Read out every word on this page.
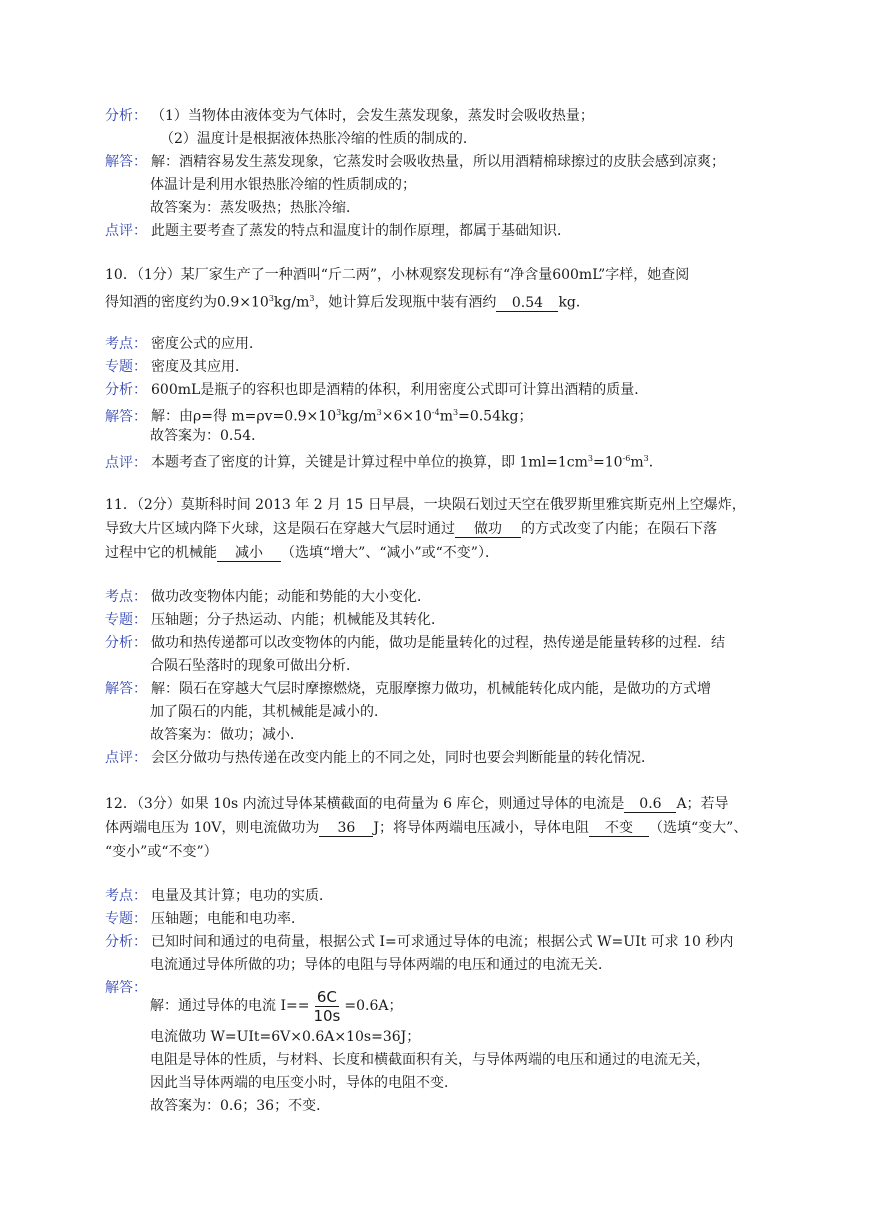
分析： （1）当物体由液体变为气体时，会发生蒸发现象，蒸发时会吸收热量；
（2）温度计是根据液体热胀冷缩的性质的制成的．
解答： 解：酒精容易发生蒸发现象，它蒸发时会吸收热量，所以用酒精棉球擦过的皮肤会感到凉爽；
体温计是利用水银热胀冷缩的性质制成的；
故答案为：蒸发吸热；热胀冷缩．
点评： 此题主要考查了蒸发的特点和温度计的制作原理，都属于基础知识．
10．（1分）某厂家生产了一种酒叫“斤二两”，小林观察发现标有“净含量600mL”字样，她查阅
得知酒的密度约为$0.9\times 10^3kg/m^3$，她计算后发现瓶中装有酒约 0.54 kg．
考点： 密度公式的应用．
专题： 密度及其应用．
分析： 600mL是瓶子的容积也即是酒精的体积，利用密度公式即可计算出酒精的质量．
解答： 解：由ρ=得 $m=\rho v=0.9\times 10^3kg/m^3\times 6\times 10^{-4}m^3=0.54kg$；
故答案为：0.54．
点评： 本题考查了密度的计算，关键是计算过程中单位的换算，即 $1ml=1cm^3=10^{-6}m^3$．
11．（2分）莫斯科时间 2013 年 2 月 15 日早晨，一块陨石划过天空在俄罗斯里雅宾斯克州上空爆炸，
导致大片区域内降下火球，这是陨石在穿越大气层时通过 做功 的方式改变了内能；在陨石下落
过程中它的机械能 减小 （选填“增大”、“减小”或“不变”）．
考点： 做功改变物体内能；动能和势能的大小变化．
专题： 压轴题；分子热运动、内能；机械能及其转化．
分析： 做功和热传递都可以改变物体的内能，做功是能量转化的过程，热传递是能量转移的过程．结
合陨石坠落时的现象可做出分析．
解答： 解：陨石在穿越大气层时摩擦燃烧，克服摩擦力做功，机械能转化成内能，是做功的方式增
加了陨石的内能，其机械能是减小的．
故答案为：做功；减小．
点评： 会区分做功与热传递在改变内能上的不同之处，同时也要会判断能量的转化情况．
12．（3分）如果 10s 内流过导体某横截面的电荷量为 6 库仑，则通过导体的电流是 0.6 A；若导
体两端电压为 10V，则电流做功为 36 J；将导体两端电压减小，导体电阻 不变 （选填“变大”、
“变小”或“不变”）
考点： 电量及其计算；电功的实质．
专题： 压轴题；电能和电功率．
分析： 已知时间和通过的电荷量，根据公式 I=可求通过导体的电流；根据公式 W=UIt 可求 10 秒内
电流通过导体所做的功；导体的电阻与导体两端的电压和通过的电流无关．
解答：
解：通过导体的电流 $I== \frac{6C}{10s} =0.6A$；
电流做功 W=UIt=6V×0.6A×10s=36J；
电阻是导体的性质，与材料、长度和横截面积有关，与导体两端的电压和通过的电流无关，
因此当导体两端的电压变小时，导体的电阻不变．
故答案为：0.6；36；不变．
